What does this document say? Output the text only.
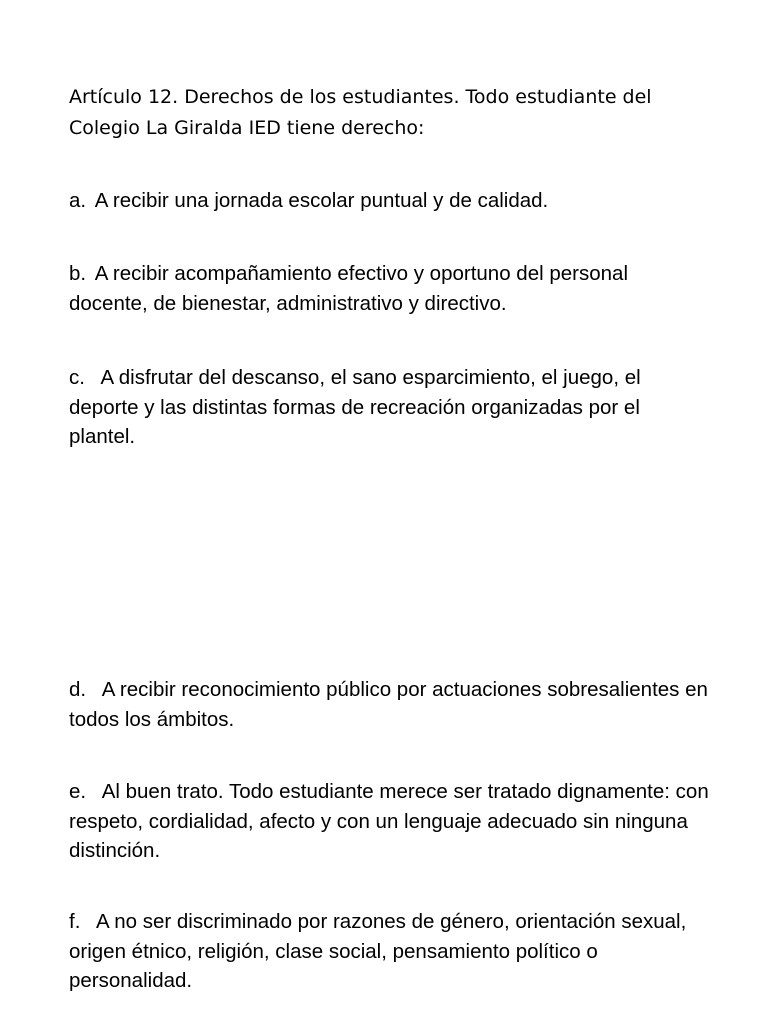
Artículo 12. Derechos de los estudiantes. Todo estudiante del
Colegio La Giralda IED tiene derecho:

a. A recibir una jornada escolar puntual y de calidad.

b. A recibir acompañamiento efectivo y oportuno del personal docente, de bienestar, administrativo y directivo.

c. A disfrutar del descanso, el sano esparcimiento, el juego, el deporte y las distintas formas de recreación organizadas por el plantel.

d. A recibir reconocimiento público por actuaciones sobresalientes en todos los ámbitos.

e. Al buen trato. Todo estudiante merece ser tratado dignamente: con respeto, cordialidad, afecto y con un lenguaje adecuado sin ninguna distinción.

f. A no ser discriminado por razones de género, orientación sexual, origen étnico, religión, clase social, pensamiento político o personalidad.
